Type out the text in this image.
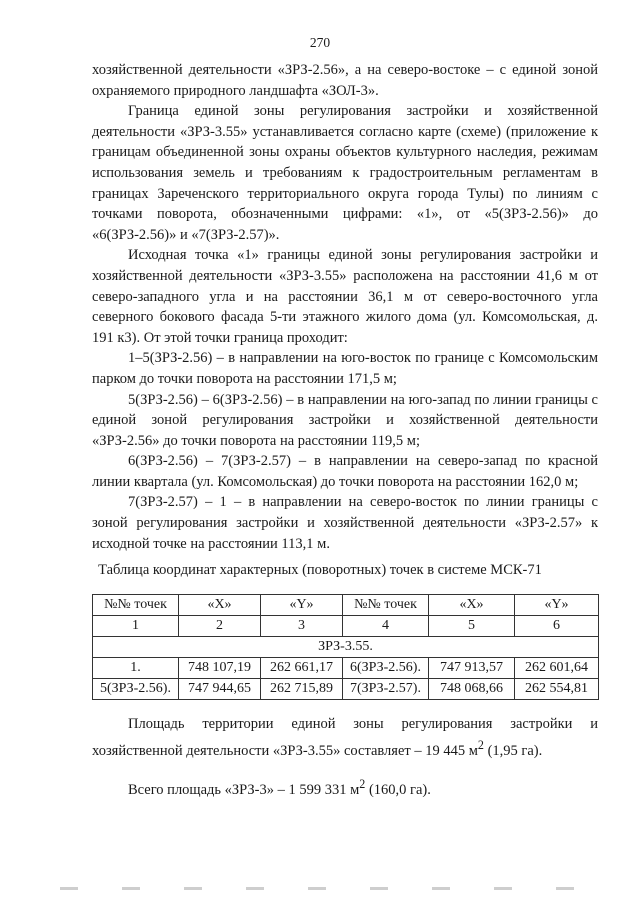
270

хозяйственной деятельности «ЗРЗ-2.56», а на северо-востоке – с единой зоной охраняемого природного ландшафта «ЗОЛ-3».

Граница единой зоны регулирования застройки и хозяйственной деятельности «ЗРЗ-3.55» устанавливается согласно карте (схеме) (приложение к границам объединенной зоны охраны объектов культурного наследия, режимам использования земель и требованиям к градостроительным регламентам в границах Зареченского территориального округа города Тулы) по линиям с точками поворота, обозначенными цифрами: «1», от «5(ЗРЗ-2.56)» до «6(ЗРЗ-2.56)» и «7(ЗРЗ-2.57)».

Исходная точка «1» границы единой зоны регулирования застройки и хозяйственной деятельности «ЗРЗ-3.55» расположена на расстоянии 41,6 м от северо-западного угла и на расстоянии 36,1 м от северо-восточного угла северного бокового фасада 5-ти этажного жилого дома (ул. Комсомольская, д. 191 к3). От этой точки граница проходит:

1–5(ЗРЗ-2.56) – в направлении на юго-восток по границе с Комсомольским парком до точки поворота на расстоянии 171,5 м;

5(ЗРЗ-2.56) – 6(ЗРЗ-2.56) – в направлении на юго-запад по линии границы с единой зоной регулирования застройки и хозяйственной деятельности «ЗРЗ-2.56» до точки поворота на расстоянии 119,5 м;

6(ЗРЗ-2.56) – 7(ЗРЗ-2.57) – в направлении на северо-запад по красной линии квартала (ул. Комсомольская) до точки поворота на расстоянии 162,0 м;

7(ЗРЗ-2.57) – 1 – в направлении на северо-восток по линии границы с зоной регулирования застройки и хозяйственной деятельности «ЗРЗ-2.57» к исходной точке на расстоянии 113,1 м.

Таблица координат характерных (поворотных) точек в системе МСК-71
№№ точек	«X»	«Y»	№№ точек	«X»	«Y»
1	2	3	4	5	6
ЗРЗ-3.55.					
1.	748 107,19	262 661,17	6(ЗРЗ-2.56).	747 913,57	262 601,64
5(ЗРЗ-2.56).	747 944,65	262 715,89	7(ЗРЗ-2.57).	748 068,66	262 554,81

Площадь территории единой зоны регулирования застройки и хозяйственной деятельности «ЗРЗ-3.55» составляет – 19 445 $м^2$ (1,95 га).

Всего площадь «ЗРЗ-3» – 1 599 331 $м^2$ (160,0 га).
